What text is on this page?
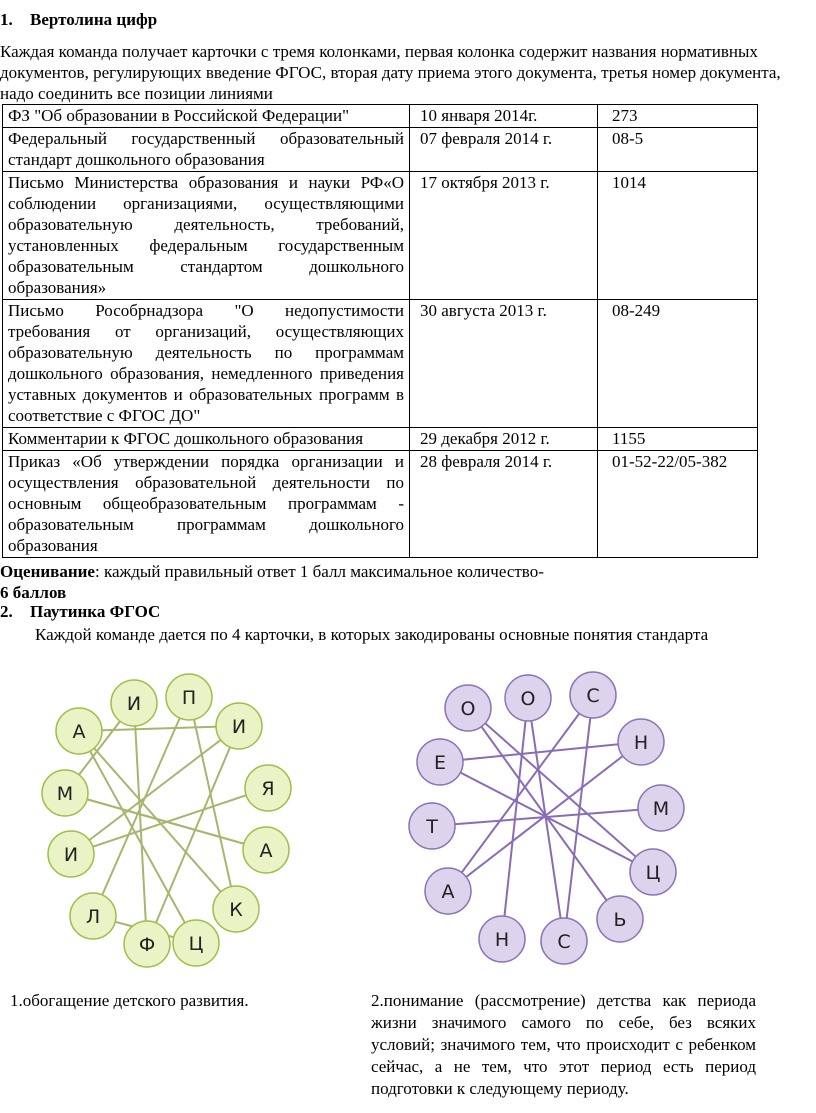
1. Вертолина цифр
Каждая команда получает карточки с тремя колонками, первая колонка содержит названия нормативных документов, регулирующих введение ФГОС, вторая дату приема этого документа, третья номер документа, надо соединить все позиции линиями
ФЗ "Об образовании в Российской Федерации"	10 января 2014г.	273
Федеральный государственный образовательный стандарт дошкольного образования	07 февраля 2014 г.	08-5
Письмо Министерства образования и науки РФ«О соблюдении организациями, осуществляющими образовательную деятельность, требований, установленных федеральным государственным образовательным стандартом дошкольного образования»	17 октября 2013 г.	1014
Письмо Рособрнадзора "О недопустимости требования от организаций, осуществляющих образовательную деятельность по программам дошкольного образования, немедленного приведения уставных документов и образовательных программ в соответствие с ФГОС ДО"	30 августа 2013 г.	08-249
Комментарии к ФГОС дошкольного образования	29 декабря 2012 г.	1155
Приказ «Об утверждении порядка организации и осуществления образовательной деятельности по основным общеобразовательным программам - образовательным программам дошкольного образования	28 февраля 2014 г.	01-52-22/05-382
Оценивание: каждый правильный ответ 1 балл максимальное количество-
6 баллов
2. Паутинка ФГОС
Каждой команде дается по 4 карточки, в которых закодированы основные понятия стандарта
И П
И
Я
А
К
Ц
Ф
Л
И
М
А
О	С
Н
М
Ц
Ь
С
Н
А
Т
Е
О
1.обогащение детского развития.	2.понимание (рассмотрение) детства как периода жизни значимого самого по себе, без всяких условий; значимого тем, что происходит с ребенком сейчас, а не тем, что этот период есть период подготовки к следующему периоду.
